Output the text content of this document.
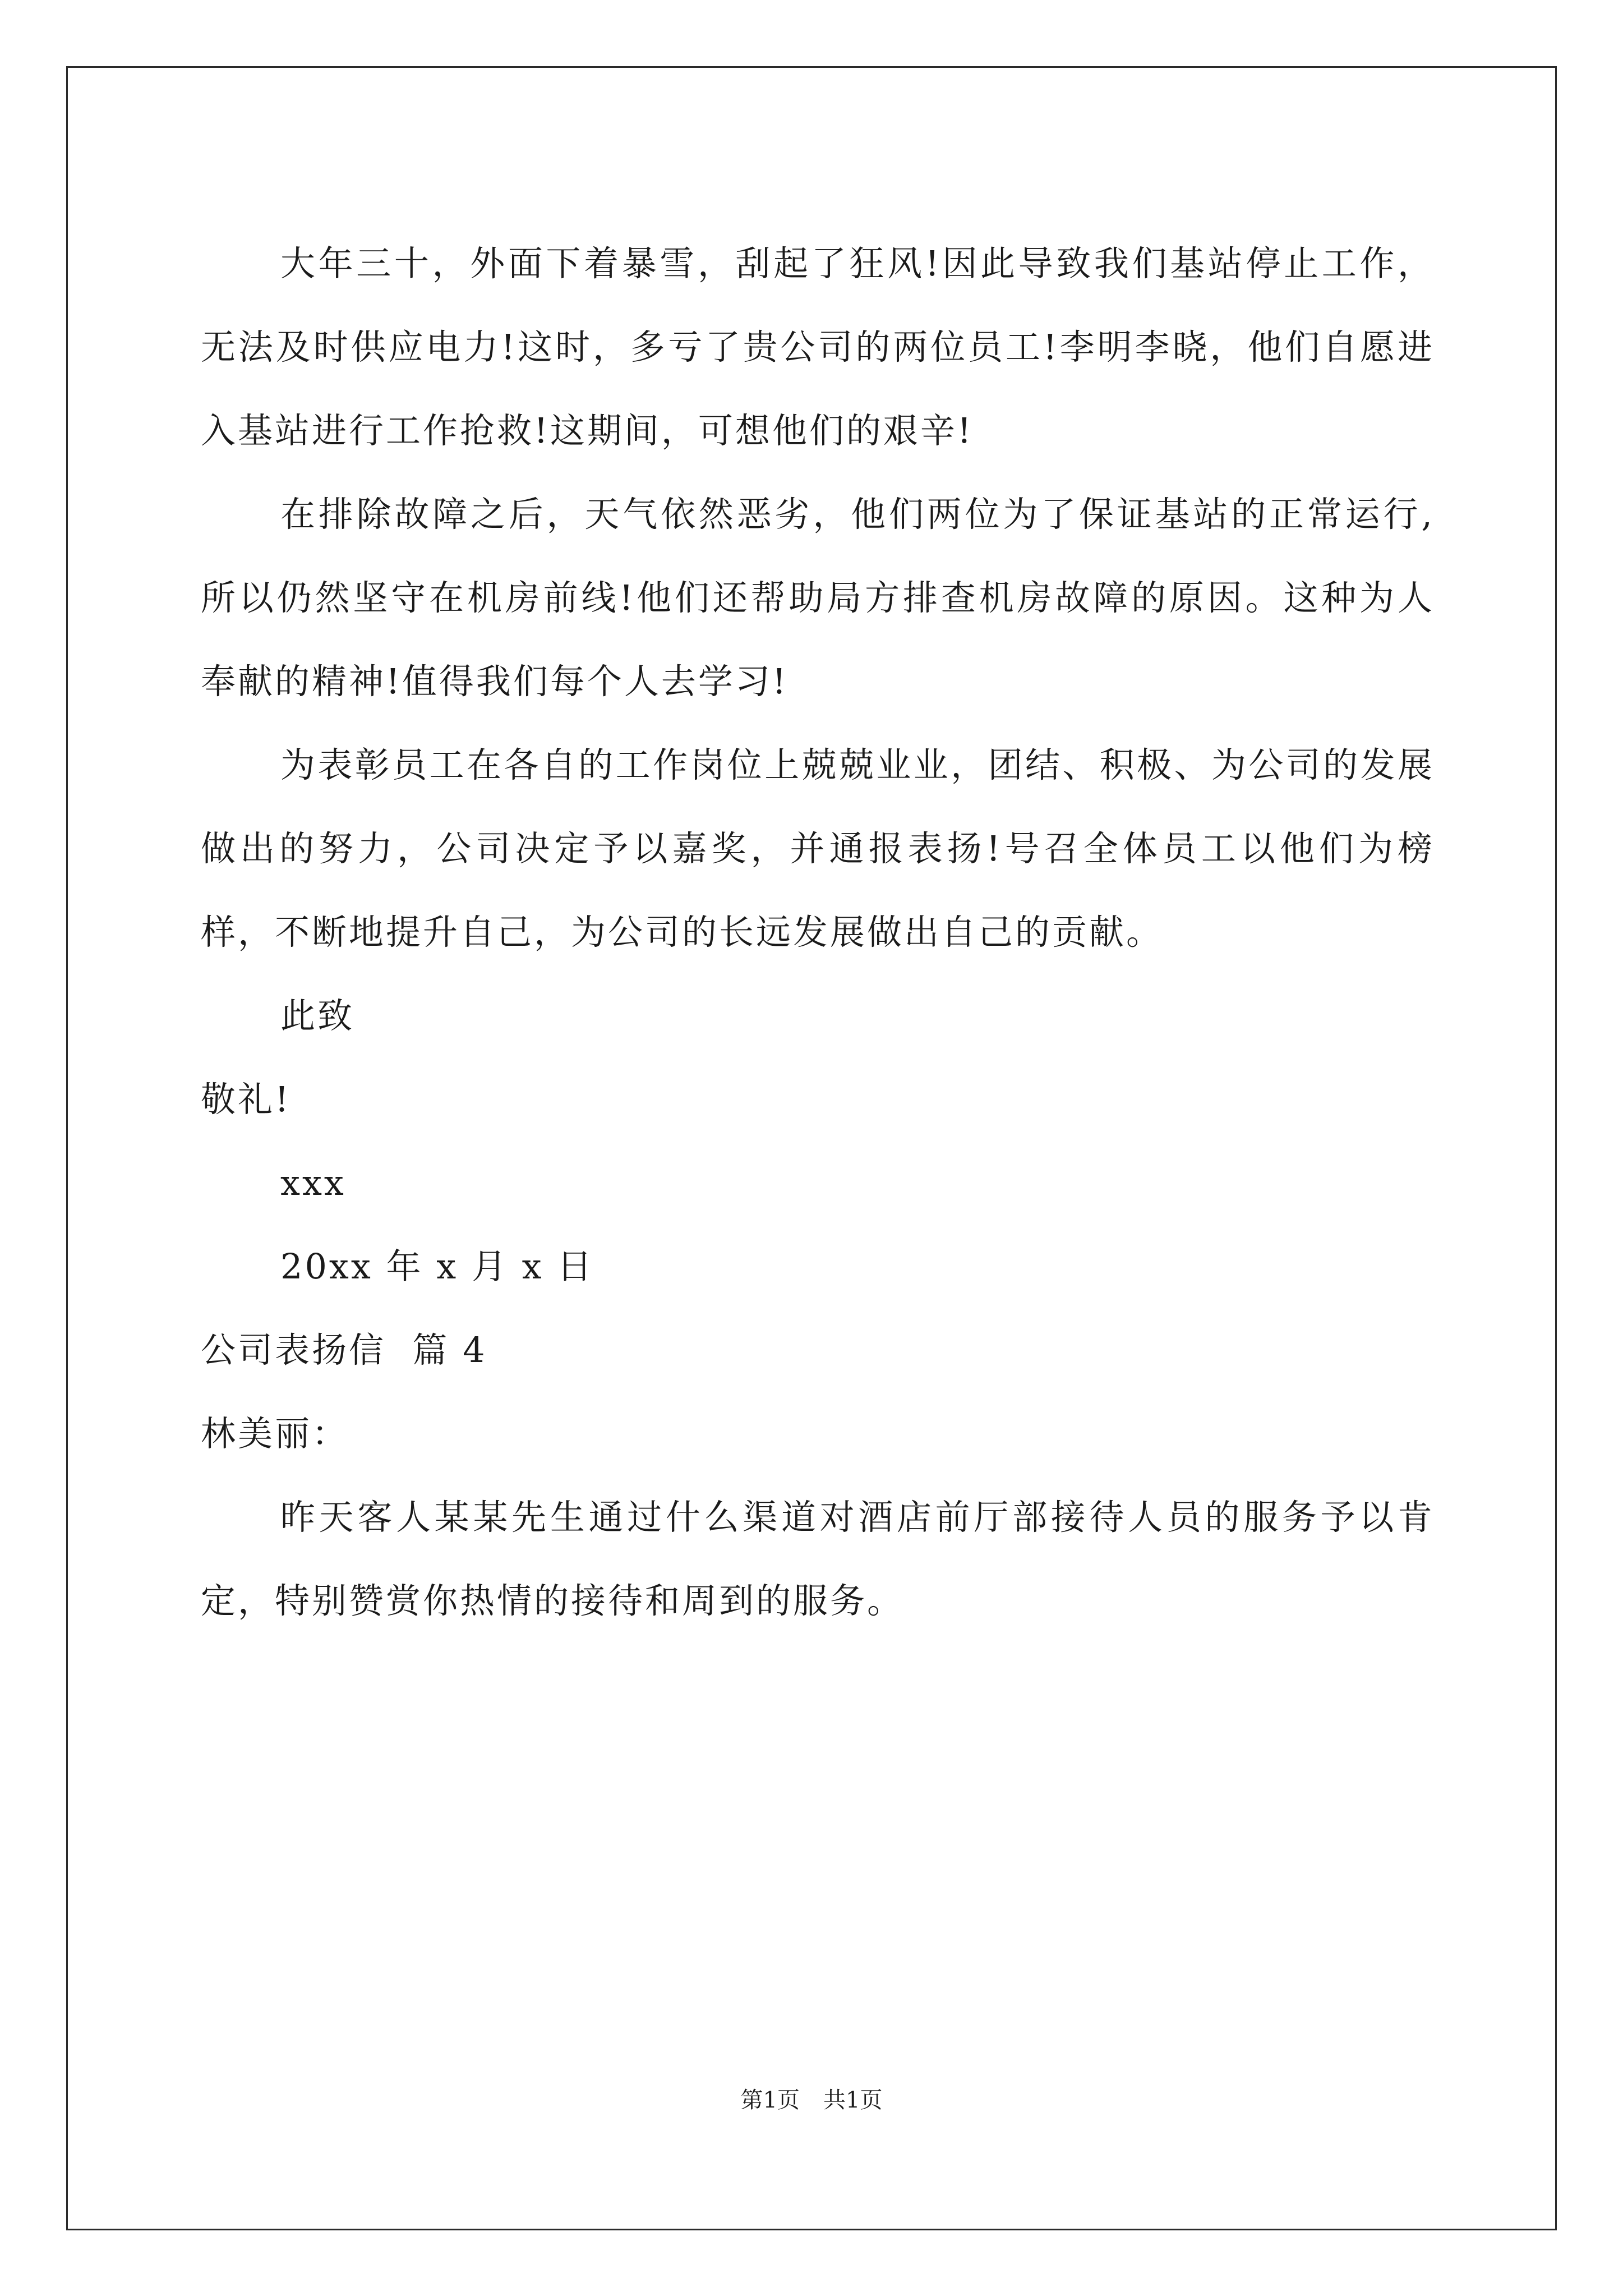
大年三十，外面下着暴雪，刮起了狂风!因此导致我们基站停止工作，无法及时供应电力!这时，多亏了贵公司的两位员工!李明李晓，他们自愿进入基站进行工作抢救!这期间，可想他们的艰辛!

在排除故障之后，天气依然恶劣，他们两位为了保证基站的正常运行,所以仍然坚守在机房前线!他们还帮助局方排查机房故障的原因。这种为人奉献的精神!值得我们每个人去学习!

为表彰员工在各自的工作岗位上兢兢业业，团结、积极、为公司的发展做出的努力，公司决定予以嘉奖，并通报表扬!号召全体员工以他们为榜样，不断地提升自己，为公司的长远发展做出自己的贡献。

此致

敬礼!

xxx

20xx 年 x 月 x 日

公司表扬信  篇 4

林美丽：

昨天客人某某先生通过什么渠道对酒店前厅部接待人员的服务予以肯定，特别赞赏你热情的接待和周到的服务。

第1页 共1页
